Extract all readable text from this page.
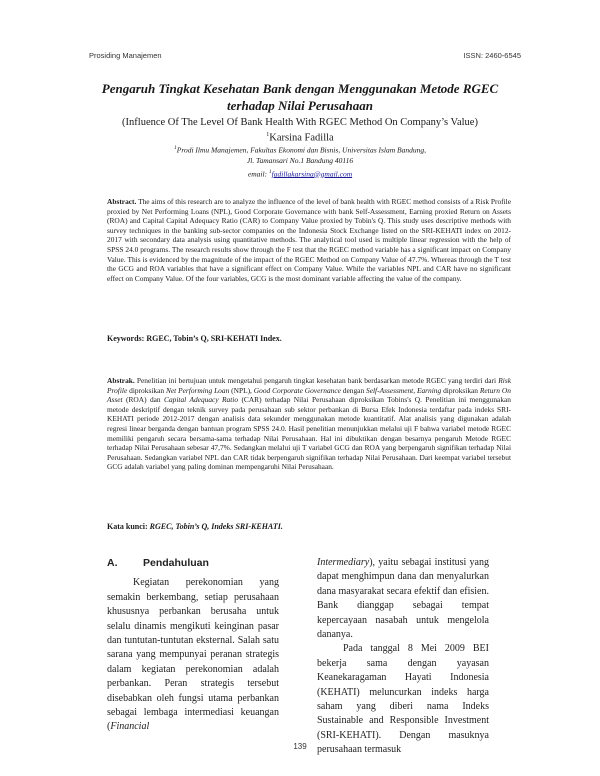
Prosiding Manajemen	ISSN: 2460-6545
Pengaruh Tingkat Kesehatan Bank dengan Menggunakan Metode RGEC terhadap Nilai Perusahaan
(Influence Of The Level Of Bank Health With RGEC Method On Company’s Value)
$^1$Karsina Fadilla
$^1$Prodi Ilmu Manajemen, Fakultas Ekonomi dan Bisnis, Universitas Islam Bandung,
Jl. Tamansari No.1 Bandung 40116
email: $^1$fadillakarsina@gmail.com
Abstract. The aims of this research are to analyze the influence of the level of bank health with RGEC method consists of a Risk Profile proxied by Net Performing Loans (NPL), Good Corporate Governance with bank Self-Assessment, Earning proxied Return on Assets (ROA) and Capital Capital Adequacy Ratio (CAR) to Company Value proxied by Tobin's Q. This study uses descriptive methods with survey techniques in the banking sub-sector companies on the Indonesia Stock Exchange listed on the SRI-KEHATI index on 2012-2017 with secondary data analysis using quantitative methods. The analytical tool used is multiple linear regression with the help of SPSS 24.0 programs. The research results show through the F test that the RGEC method variable has a significant impact on Company Value. This is evidenced by the magnitude of the impact of the RGEC Method on Company Value of 47.7%. Whereas through the T test the GCG and ROA variables that have a significant effect on Company Value. While the variables NPL and CAR have no significant effect on Company Value. Of the four variables, GCG is the most dominant variable affecting the value of the company.
Keywords: RGEC, Tobin’s Q, SRI-KEHATI Index.
Abstrak. Penelitian ini bertujuan untuk mengetahui pengaruh tingkat kesehatan bank berdasarkan metode RGEC yang terdiri dari Risk Profile diproksikan Net Performing Loan (NPL), Good Corporate Governance dengan Self-Assessment, Earning diproksikan Return On Asset (ROA) dan Capital Adequacy Ratio (CAR) terhadap Nilai Perusahaan diproksikan Tobins's Q. Penelitian ini menggunakan metode deskriptif dengan teknik survey pada perusahaan sub sektor perbankan di Bursa Efek Indonesia terdaftar pada indeks SRI-KEHATI periode 2012-2017 dengan analisis data sekunder menggunakan metode kuantitatif. Alat analisis yang digunakan adalah regresi linear berganda dengan bantuan program SPSS 24.0. Hasil penelitian menunjukkan melalui uji F bahwa variabel metode RGEC memiliki pengaruh secara bersama-sama terhadap Nilai Perusahaan. Hal ini dibuktikan dengan besarnya pengaruh Metode RGEC terhadap Nilai Perusahaan sebesar 47,7%. Sedangkan melalui uji T variabel GCG dan ROA yang berpengaruh signifikan terhadap Nilai Perusahaan. Sedangkan variabel NPL dan CAR tidak berpengaruh signifikan terhadap Nilai Perusahaan. Dari keempat variabel tersebut GCG adalah variabel yang paling dominan mempengaruhi Nilai Perusahaan.
Kata kunci: RGEC, Tobin’s Q, Indeks SRI-KEHATI.
A. Pendahuluan

Kegiatan perekonomian yang semakin berkembang, setiap perusahaan khususnya perbankan berusaha untuk selalu dinamis mengikuti keinginan pasar dan tuntutan-tuntutan eksternal. Salah satu sarana yang mempunyai peranan strategis dalam kegiatan perekonomian adalah perbankan. Peran strategis tersebut disebabkan oleh fungsi utama perbankan sebagai lembaga intermediasi keuangan (Financial

Intermediary), yaitu sebagai institusi yang dapat menghimpun dana dan menyalurkan dana masyarakat secara efektif dan efisien. Bank dianggap sebagai tempat kepercayaan nasabah untuk mengelola dananya.

Pada tanggal 8 Mei 2009 BEI bekerja sama dengan yayasan Keanekaragaman Hayati Indonesia (KEHATI) meluncurkan indeks harga saham yang diberi nama Indeks Sustainable and Responsible Investment (SRI-KEHATI). Dengan masuknya perusahaan termasuk

139
